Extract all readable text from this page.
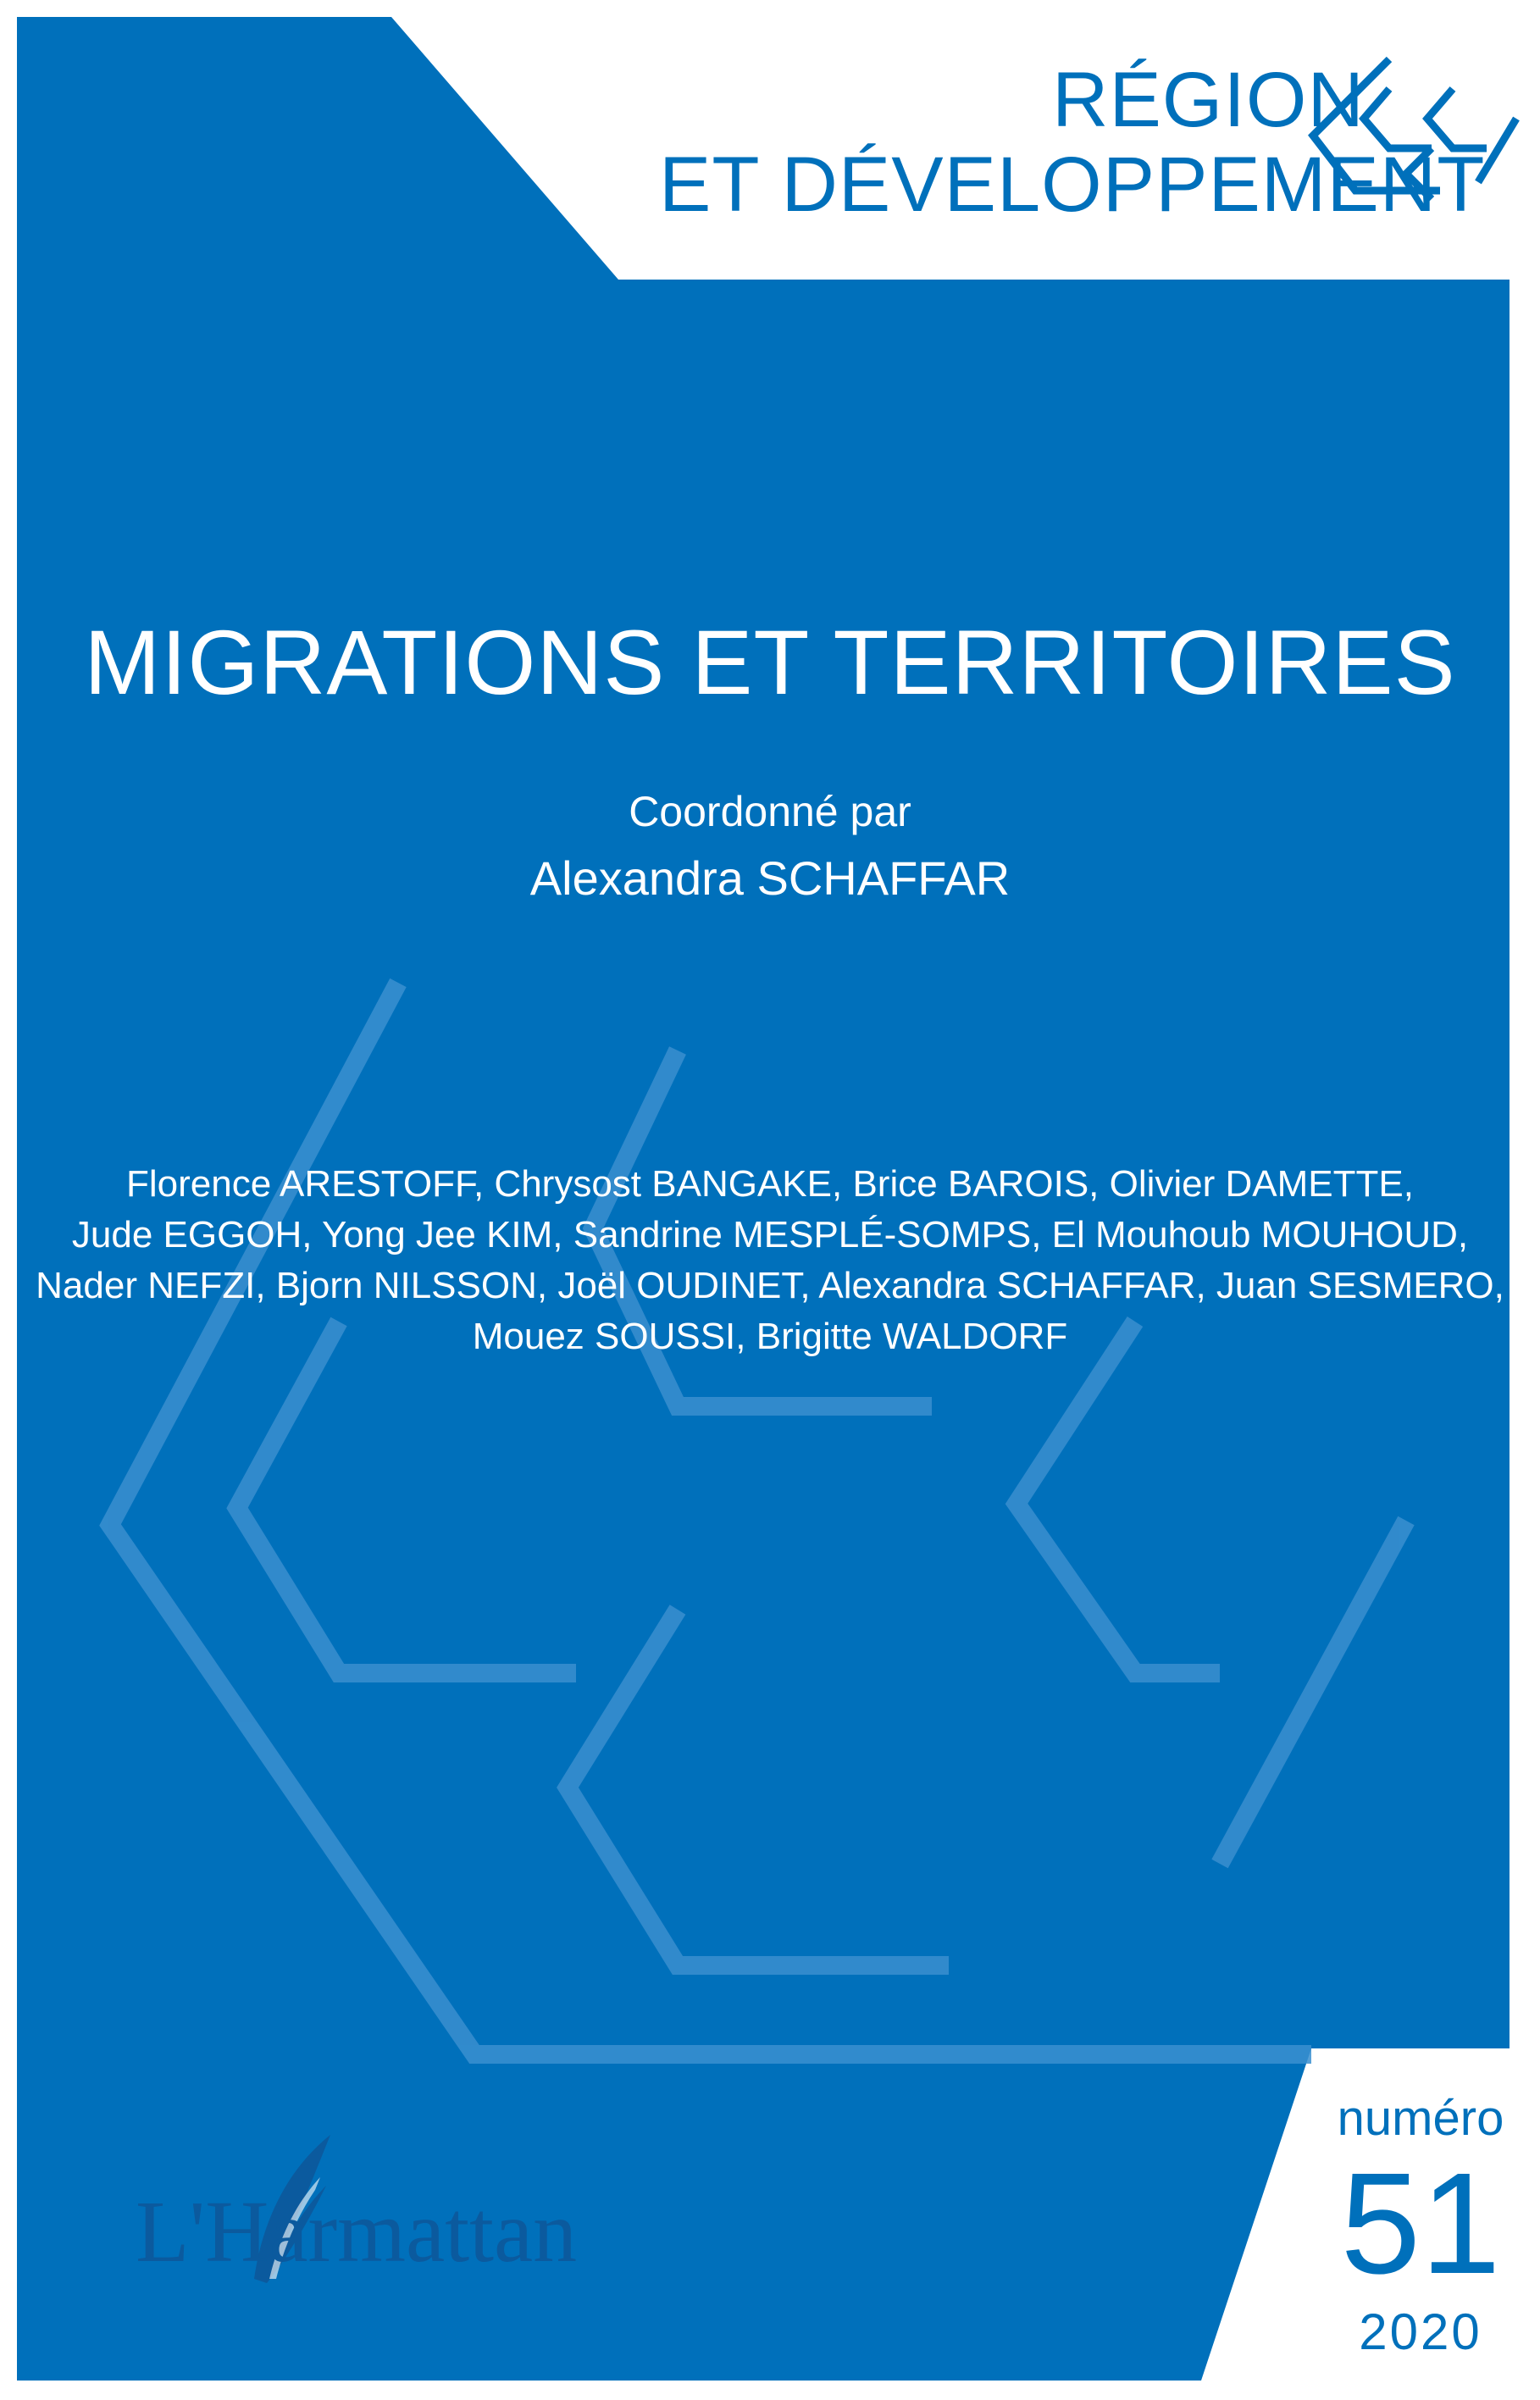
RÉGION
ET DÉVELOPPEMENT
MIGRATIONS ET TERRITOIRES
Coordonné par
Alexandra SCHAFFAR
Florence ARESTOFF, Chrysost BANGAKE, Brice BAROIS, Olivier DAMETTE,
Jude EGGOH, Yong Jee KIM, Sandrine MESPLÉ-SOMPS, El Mouhoub MOUHOUD,
Nader NEFZI, Bjorn NILSSON, Joël OUDINET, Alexandra SCHAFFAR, Juan SESMERO,
Mouez SOUSSI, Brigitte WALDORF
numéro
51
2020
L'Harmattan
